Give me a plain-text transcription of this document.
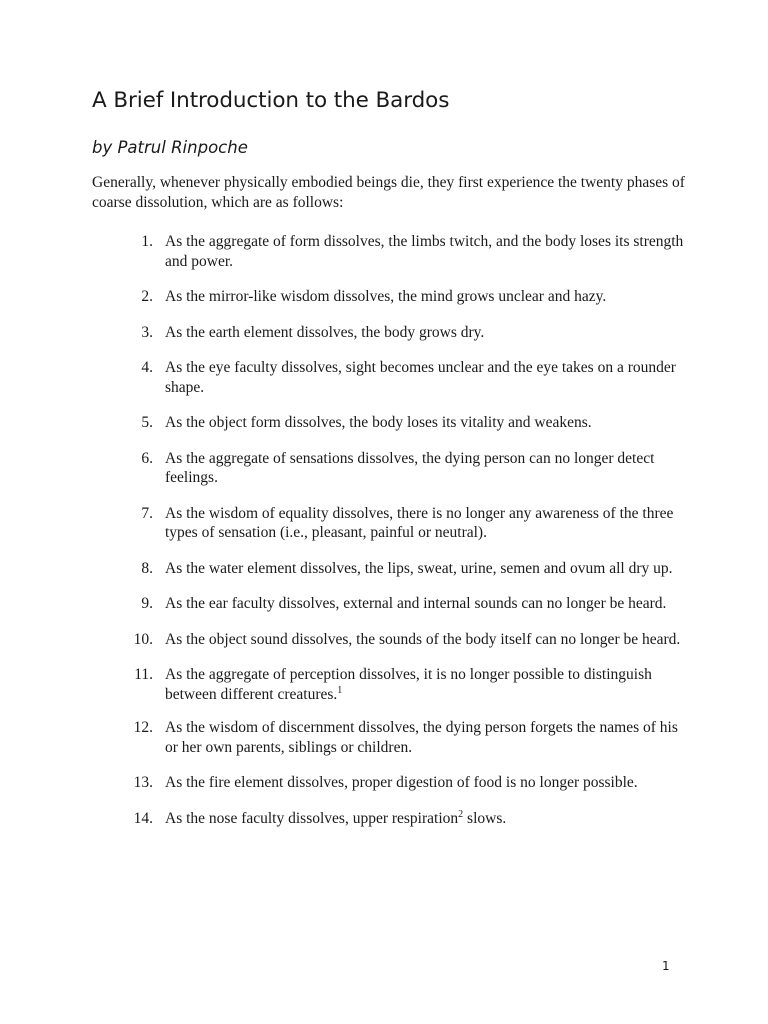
A Brief Introduction to the Bardos

by Patrul Rinpoche

Generally, whenever physically embodied beings die, they first experience the twenty phases of coarse dissolution, which are as follows:

1. As the aggregate of form dissolves, the limbs twitch, and the body loses its strength and power.
2. As the mirror-like wisdom dissolves, the mind grows unclear and hazy.
3. As the earth element dissolves, the body grows dry.
4. As the eye faculty dissolves, sight becomes unclear and the eye takes on a rounder shape.
5. As the object form dissolves, the body loses its vitality and weakens.
6. As the aggregate of sensations dissolves, the dying person can no longer detect feelings.
7. As the wisdom of equality dissolves, there is no longer any awareness of the three types of sensation (i.e., pleasant, painful or neutral).
8. As the water element dissolves, the lips, sweat, urine, semen and ovum all dry up.
9. As the ear faculty dissolves, external and internal sounds can no longer be heard.
10. As the object sound dissolves, the sounds of the body itself can no longer be heard.
11. As the aggregate of perception dissolves, it is no longer possible to distinguish between different creatures.$^1$
12. As the wisdom of discernment dissolves, the dying person forgets the names of his or her own parents, siblings or children.
13. As the fire element dissolves, proper digestion of food is no longer possible.
14. As the nose faculty dissolves, upper respiration$^2$ slows.
1
